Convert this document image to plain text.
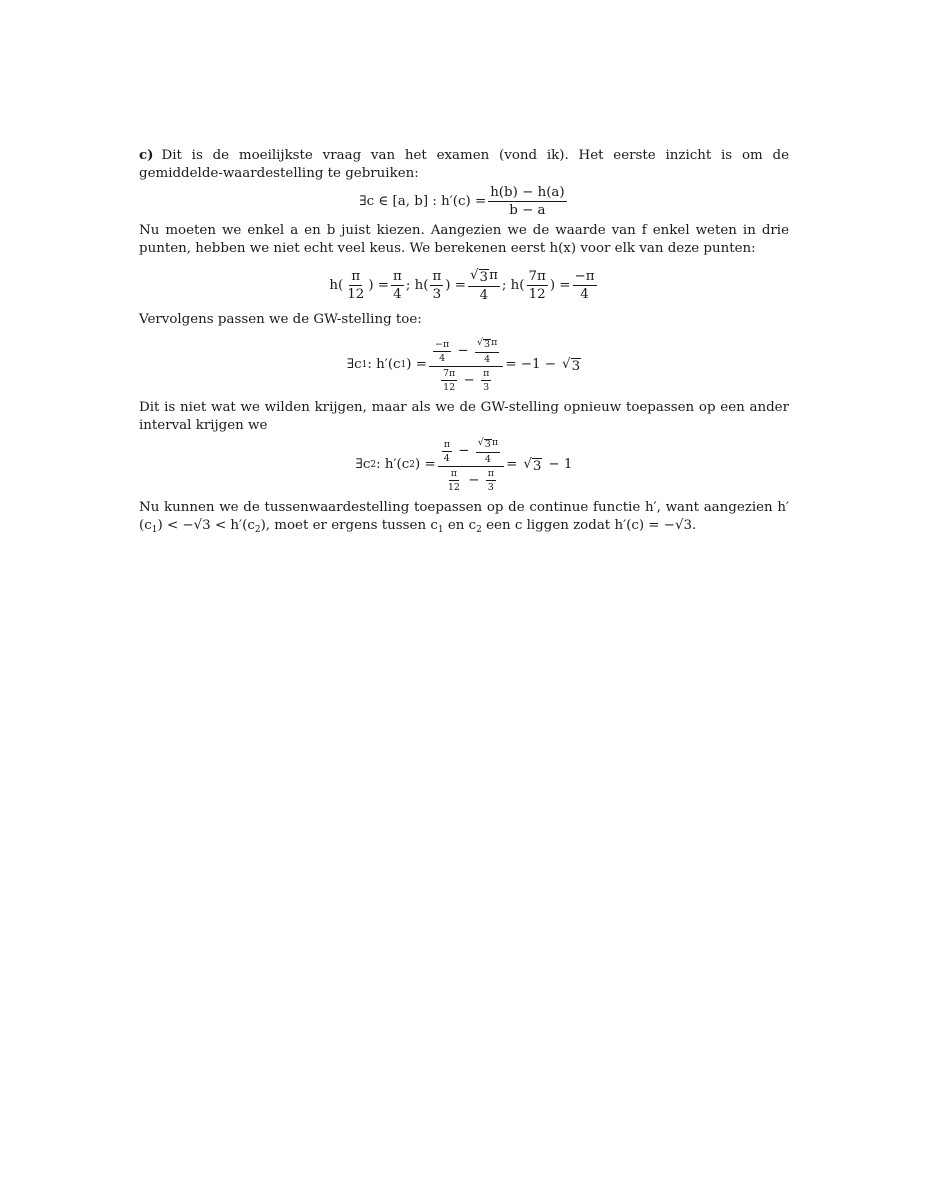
c) Dit is de moeilijkste vraag van het examen (vond ik). Het eerste inzicht is om de gemiddelde-waardestelling te gebruiken:

∃c ∈ [a, b] : $h'(c) = \frac{h(b) - h(a)}{b - a}$

Nu moeten we enkel a en b juist kiezen. Aangezien we de waarde van f enkel weten in drie punten, hebben we niet echt veel keus. We berekenen eerst h(x) voor elk van deze punten:

$h( \frac{\pi}{12}$ ) = $\frac{\pi}{4}$ ; $h( \frac{\pi}{3}$ ) = $\frac{√ 3 \pi}{4}$ ; $h( \frac{7\pi}{12}$ ) = $\frac{-\pi}{4}$

Vervolgens passen we de GW-stelling toe:

∃c 1 : h′(c 1 ) = $\frac{\frac{-\pi}{4} - \frac{√ 3 \pi}{4}}{\frac{7\pi}{12} - \frac{\pi}{3}} = -1$ − √ 3

Dit is niet wat we wilden krijgen, maar als we de GW-stelling opnieuw toepassen op een ander interval krijgen we

∃c 2 : h′(c 2 ) = $\frac{\frac{\pi}{4} - \frac{√ 3 \pi}{4}}{\frac{\pi}{12} - \frac{\pi}{3}}$ = √ 3 − 1

Nu kunnen we de tussenwaardestelling toepassen op de continue functie h′, want aangezien $h'(c_1) < -√3 < h'(c_2)$, moet er ergens tussen $c_1$ en $c_2$ een c liggen zodat h′(c) = −√3.
